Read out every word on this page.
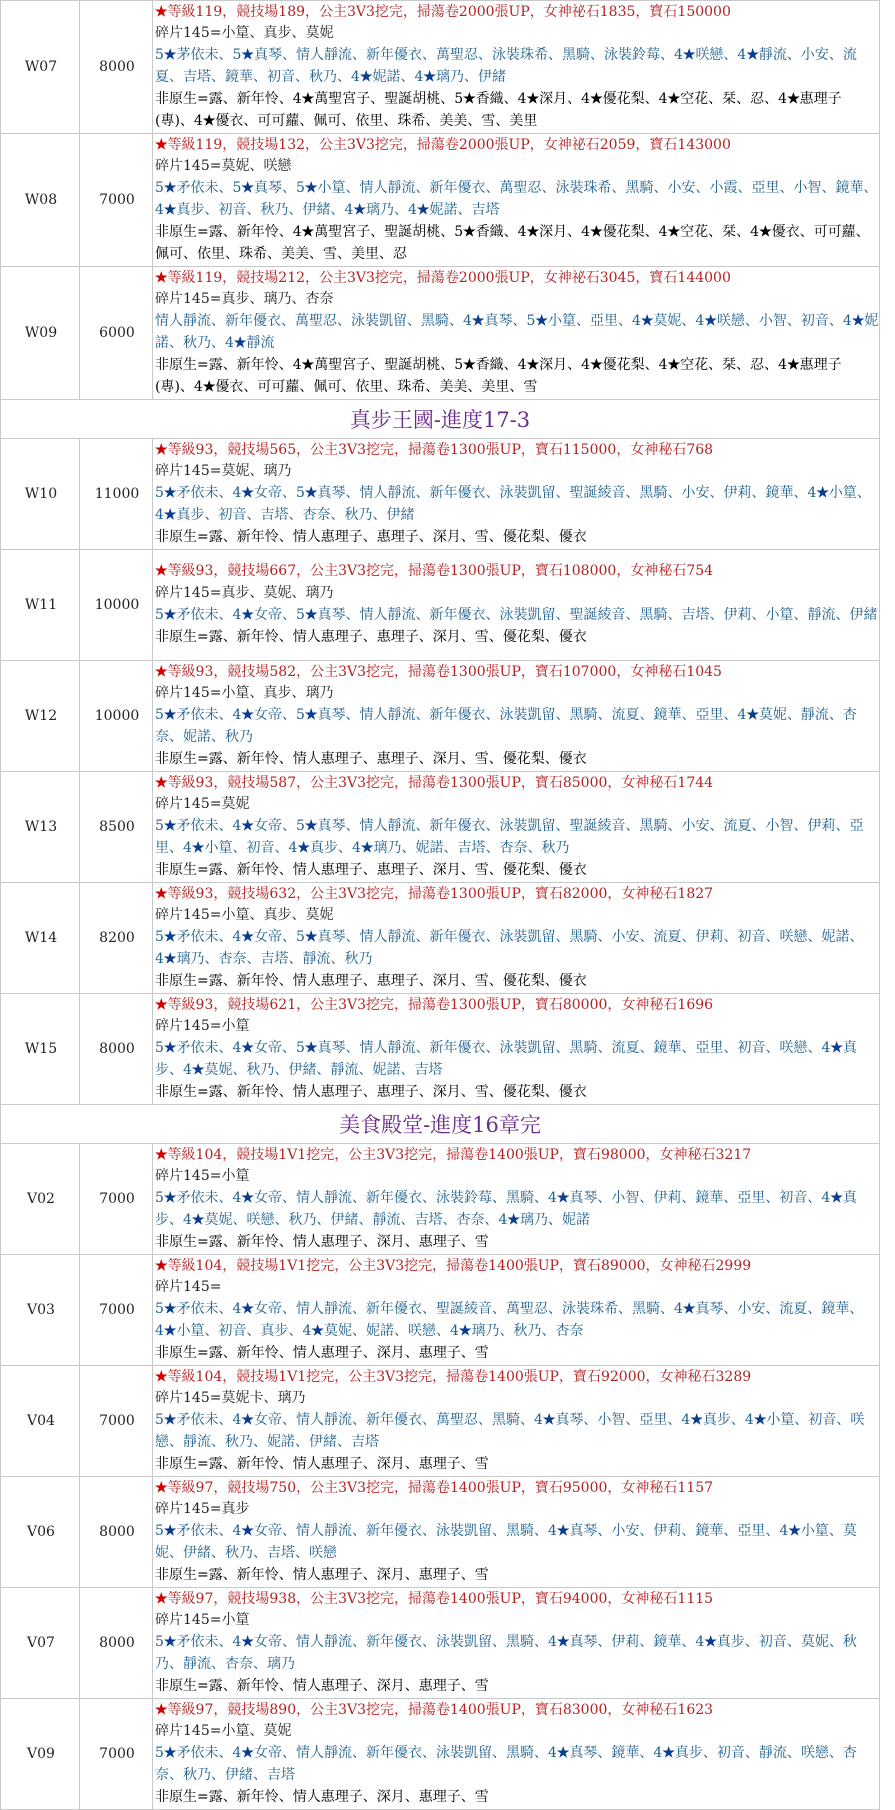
W07	8000	★等級119，競技場189，公主3V3挖完，掃蕩卷2000張UP，女神祕石1835，寶石150000
碎片145=小篂、真步、莫妮
5★茅依未、5★真琴、情人靜流、新年優衣、萬聖忍、泳裝珠希、黑騎、泳裝鈴莓、4★咲戀、4★靜流、小安、流夏、吉塔、鏡華、初音、秋乃、4★妮諾、4★璃乃、伊緒
非原生=露、新年怜、4★萬聖宮子、聖誕胡桃、5★香織、4★深月、4★優花梨、4★空花、栞、忍、4★惠理子(專)、4★優衣、可可蘿、佩可、依里、珠希、美美、雪、美里

W08	7000	★等級119，競技場132，公主3V3挖完，掃蕩卷2000張UP，女神祕石2059，寶石143000
碎片145=莫妮、咲戀
5★矛依未、5★真琴、5★小篂、情人靜流、新年優衣、萬聖忍、泳裝珠希、黑騎、小安、小霞、亞里、小智、鏡華、4★真步、初音、秋乃、伊緒、4★璃乃、4★妮諾、吉塔
非原生=露、新年怜、4★萬聖宮子、聖誕胡桃、5★香織、4★深月、4★優花梨、4★空花、栞、4★優衣、可可蘿、佩可、依里、珠希、美美、雪、美里、忍

W09	6000	★等級119，競技場212，公主3V3挖完，掃蕩卷2000張UP，女神祕石3045，寶石144000
碎片145=真步、璃乃、杏奈
情人靜流、新年優衣、萬聖忍、泳裝凱留、黑騎、4★真琴、5★小篂、亞里、4★莫妮、4★咲戀、小智、初音、4★妮諾、秋乃、4★靜流
非原生=露、新年怜、4★萬聖宮子、聖誕胡桃、5★香織、4★深月、4★優花梨、4★空花、栞、忍、4★惠理子(專)、4★優衣、可可蘿、佩可、依里、珠希、美美、美里、雪

真步王國-進度17-3		
W10	11000	★等級93，競技場565，公主3V3挖完，掃蕩卷1300張UP，寶石115000，女神秘石768
碎片145=莫妮、璃乃
5★矛依未、4★女帝、5★真琴、情人靜流、新年優衣、泳裝凱留、聖誕綾音、黑騎、小安、伊莉、鏡華、4★小篂、4★真步、初音、吉塔、杏奈、秋乃、伊緒
非原生=露、新年怜、情人惠理子、惠理子、深月、雪、優花梨、優衣

W11	10000	★等級93，競技場667，公主3V3挖完，掃蕩卷1300張UP，寶石108000，女神秘石754
碎片145=真步、莫妮、璃乃
5★矛依未、4★女帝、5★真琴、情人靜流、新年優衣、泳裝凱留、聖誕綾音、黑騎、吉塔、伊莉、小篂、靜流、伊緒
非原生=露、新年怜、情人惠理子、惠理子、深月、雪、優花梨、優衣

W12	10000	★等級93，競技場582，公主3V3挖完，掃蕩卷1300張UP，寶石107000，女神秘石1045
碎片145=小篂、真步、璃乃
5★矛依未、4★女帝、5★真琴、情人靜流、新年優衣、泳裝凱留、黑騎、流夏、鏡華、亞里、4★莫妮、靜流、杏奈、妮諾、秋乃
非原生=露、新年怜、情人惠理子、惠理子、深月、雪、優花梨、優衣

W13	8500	★等級93，競技場587，公主3V3挖完，掃蕩卷1300張UP，寶石85000，女神秘石1744
碎片145=莫妮
5★矛依未、4★女帝、5★真琴、情人靜流、新年優衣、泳裝凱留、聖誕綾音、黑騎、小安、流夏、小智、伊莉、亞里、4★小篂、初音、4★真步、4★璃乃、妮諾、吉塔、杏奈、秋乃
非原生=露、新年怜、情人惠理子、惠理子、深月、雪、優花梨、優衣

W14	8200	★等級93，競技場632，公主3V3挖完，掃蕩卷1300張UP，寶石82000，女神秘石1827
碎片145=小篂、真步、莫妮
5★矛依未、4★女帝、5★真琴、情人靜流、新年優衣、泳裝凱留、黑騎、小安、流夏、伊莉、初音、咲戀、妮諾、4★璃乃、杏奈、吉塔、靜流、秋乃
非原生=露、新年怜、情人惠理子、惠理子、深月、雪、優花梨、優衣

W15	8000	★等級93，競技場621，公主3V3挖完，掃蕩卷1300張UP，寶石80000，女神秘石1696
碎片145=小篂
5★矛依未、4★女帝、5★真琴、情人靜流、新年優衣、泳裝凱留、黑騎、流夏、鏡華、亞里、初音、咲戀、4★真步、4★莫妮、秋乃、伊緒、靜流、妮諾、吉塔
非原生=露、新年怜、情人惠理子、惠理子、深月、雪、優花梨、優衣

美食殿堂-進度16章完		
V02	7000	★等級104，競技場1V1挖完，公主3V3挖完，掃蕩卷1400張UP，寶石98000，女神秘石3217
碎片145=小篂
5★矛依未、4★女帝、情人靜流、新年優衣、泳裝鈴莓、黑騎、4★真琴、小智、伊莉、鏡華、亞里、初音、4★真步、4★莫妮、咲戀、秋乃、伊緒、靜流、吉塔、杏奈、4★璃乃、妮諾
非原生=露、新年怜、情人惠理子、深月、惠理子、雪

V03	7000	★等級104，競技場1V1挖完，公主3V3挖完，掃蕩卷1400張UP，寶石89000，女神秘石2999
碎片145=
5★矛依未、4★女帝、情人靜流、新年優衣、聖誕綾音、萬聖忍、泳裝珠希、黑騎、4★真琴、小安、流夏、鏡華、4★小篂、初音、真步、4★莫妮、妮諾、咲戀、4★璃乃、秋乃、杏奈
非原生=露、新年怜、情人惠理子、深月、惠理子、雪

V04	7000	★等級104，競技場1V1挖完，公主3V3挖完，掃蕩卷1400張UP，寶石92000，女神秘石3289
碎片145=莫妮卡、璃乃
5★矛依未、4★女帝、情人靜流、新年優衣、萬聖忍、黑騎、4★真琴、小智、亞里、4★真步、4★小篂、初音、咲戀、靜流、秋乃、妮諾、伊緒、吉塔
非原生=露、新年怜、情人惠理子、深月、惠理子、雪

V06	8000	★等級97，競技場750，公主3V3挖完，掃蕩卷1400張UP，寶石95000，女神秘石1157
碎片145=真步
5★矛依未、4★女帝、情人靜流、新年優衣、泳裝凱留、黑騎、4★真琴、小安、伊莉、鏡華、亞里、4★小篂、莫妮、伊緒、秋乃、吉塔、咲戀
非原生=露、新年怜、情人惠理子、深月、惠理子、雪

V07	8000	★等級97，競技場938，公主3V3挖完，掃蕩卷1400張UP，寶石94000，女神秘石1115
碎片145=小篂
5★矛依未、4★女帝、情人靜流、新年優衣、泳裝凱留、黑騎、4★真琴、伊莉、鏡華、4★真步、初音、莫妮、秋乃、靜流、杏奈、璃乃
非原生=露、新年怜、情人惠理子、深月、惠理子、雪

V09	7000	★等級97，競技場890，公主3V3挖完，掃蕩卷1400張UP，寶石83000，女神秘石1623
碎片145=小篂、莫妮
5★矛依未、4★女帝、情人靜流、新年優衣、泳裝凱留、黑騎、4★真琴、鏡華、4★真步、初音、靜流、咲戀、杏奈、秋乃、伊緒、吉塔
非原生=露、新年怜、情人惠理子、深月、惠理子、雪
